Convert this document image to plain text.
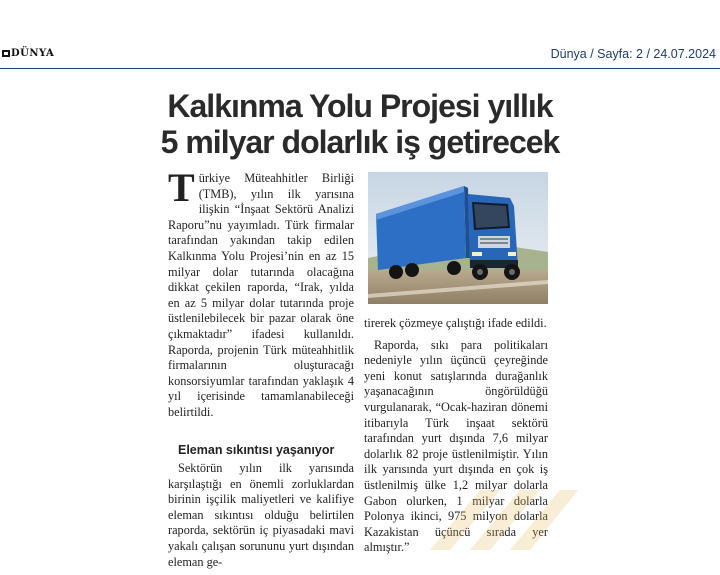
DÜNYA	Dünya / Sayfa: 2 / 24.07.2024
Kalkınma Yolu Projesi yıllık
5 milyar dolarlık iş getirecek

Türkiye Müteahhitler Birliği (TMB), yılın ilk yarısına ilişkin “İnşaat Sektörü Analizi Raporu”nu yayımladı. Türk firmalar tarafından yakından takip edilen Kalkınma Yolu Projesi’nin en az 15 milyar dolar tutarında olacağına dikkat çekilen raporda, “Irak, yılda en az 5 milyar dolar tutarında proje üstlenilebilecek bir pazar olarak öne çıkmaktadır” ifadesi kullanıldı. Raporda, projenin Türk müteahhitlik firmalarının oluşturacağı konsorsiyumlar tarafından yaklaşık 4 yıl içerisinde tamamlanabileceği belirtildi.

Eleman sıkıntısı yaşanıyor

Sektörün yılın ilk yarısında karşılaştığı en önemli zorluklardan birinin işçilik maliyetleri ve kalifiye eleman sıkıntısı olduğu belirtilen raporda, sektörün iç piyasadaki mavi yakalı çalışan sorununu yurt dışından eleman ge-

tirerek çözmeye çalıştığı ifade edildi.

Raporda, sıkı para politikaları nedeniyle yılın üçüncü çeyreğinde yeni konut satışlarında durağanlık yaşanacağının öngörüldüğü vurgulanarak, “Ocak-haziran dönemi itibarıyla Türk inşaat sektörü tarafından yurt dışında 7,6 milyar dolarlık 82 proje üstlenilmiştir. Yılın ilk yarısında yurt dışında en çok iş üstlenilmiş ülke 1,2 milyar dolarla Gabon olurken, 1 milyar dolarla Polonya ikinci, 975 milyon dolarla Kazakistan üçüncü sırada yer almıştır.”
